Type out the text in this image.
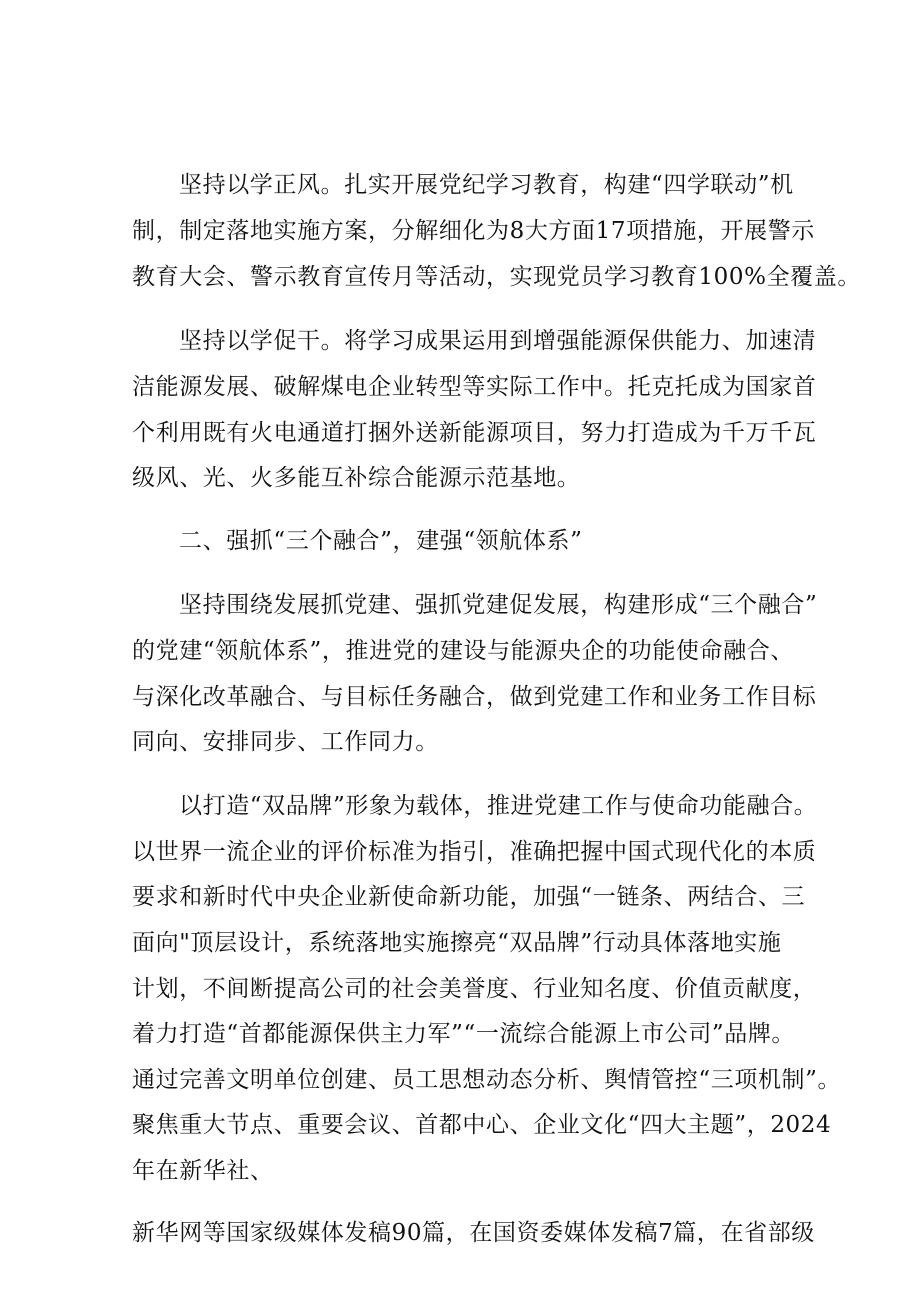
坚持以学正风。扎实开展党纪学习教育，构建“四学联动”机
制，制定落地实施方案，分解细化为8大方面17项措施，开展警示
教育大会、警示教育宣传月等活动，实现党员学习教育100%全覆盖。
坚持以学促干。将学习成果运用到增强能源保供能力、加速清
洁能源发展、破解煤电企业转型等实际工作中。托克托成为国家首
个利用既有火电通道打捆外送新能源项目，努力打造成为千万千瓦
级风、光、火多能互补综合能源示范基地。
二、强抓“三个融合”，建强“领航体系”
坚持围绕发展抓党建、强抓党建促发展，构建形成“三个融合”
的党建“领航体系”，推进党的建设与能源央企的功能使命融合、
与深化改革融合、与目标任务融合，做到党建工作和业务工作目标
同向、安排同步、工作同力。
以打造“双品牌”形象为载体，推进党建工作与使命功能融合。
以世界一流企业的评价标准为指引，准确把握中国式现代化的本质
要求和新时代中央企业新使命新功能，加强“一链条、两结合、三
面向"顶层设计，系统落地实施擦亮“双品牌”行动具体落地实施
计划，不间断提高公司的社会美誉度、行业知名度、价值贡献度，
着力打造“首都能源保供主力军”“一流综合能源上市公司”品牌。
通过完善文明单位创建、员工思想动态分析、舆情管控“三项机制”。
聚焦重大节点、重要会议、首都中心、企业文化“四大主题”，2024
年在新华社、
新华网等国家级媒体发稿90篇，在国资委媒体发稿7篇，在省部级
